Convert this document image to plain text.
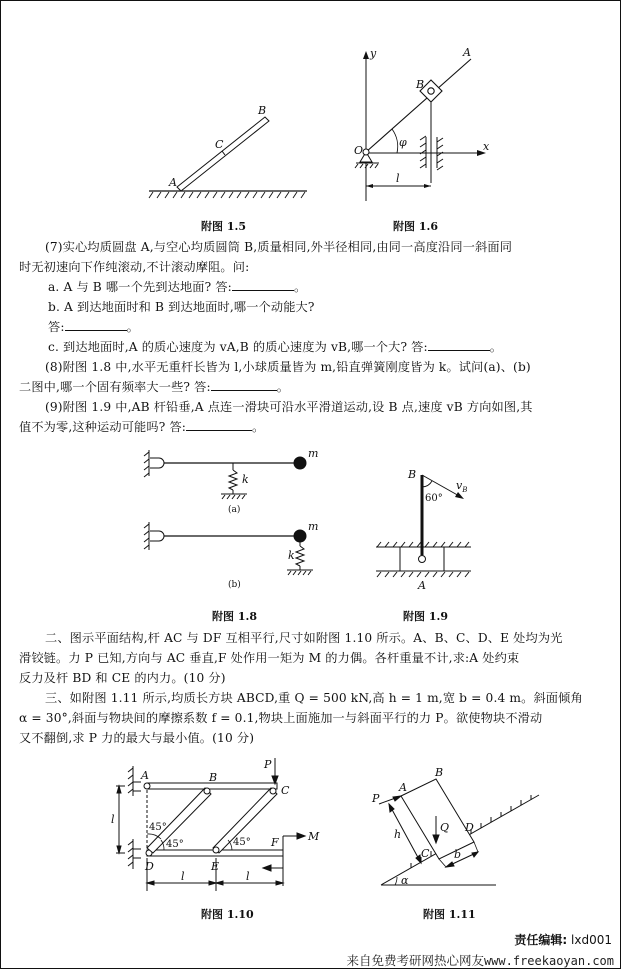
A
B
C
附图 1.5
A
B
O
y
x
φ
l
附图 1.6
(7)实心均质圆盘 A,与空心均质圆筒 B,质量相同,外半径相同,由同一高度沿同一斜面同
时无初速向下作纯滚动,不计滚动摩阻。问:
a. A 与 B 哪一个先到达地面? 答:	。
b. A 到达地面时和 B 到达地面时,哪一个动能大?
答:	。
c. 到达地面时,A 的质心速度为 vA,B 的质心速度为 vB,哪一个大? 答:	。
(8)附图 1.8 中,水平无重杆长皆为 l,小球质量皆为 m,铅直弹簧刚度皆为 k。试问(a)、(b)
二图中,哪一个固有频率大一些? 答:	。
(9)附图 1.9 中,AB 杆铅垂,A 点连一滑块可沿水平滑道运动,设 B 点,速度 vB 方向如图,其
值不为零,这种运动可能吗? 答:	。
m
k
(a)
m
k
(b)
附图 1.8
B
60°
$v_B$
A
附图 1.9
二、图示平面结构,杆 AC 与 DF 互相平行,尺寸如附图 1.10 所示。A、B、C、D、E 处均为光
滑铰链。力 P 已知,方向与 AC 垂直,F 处作用一矩为 M 的力偶。各杆重量不计,求:A 处约束
反力及杆 BD 和 CE 的内力。(10 分)
三、如附图 1.11 所示,均质长方块 ABCD,重 Q = 500 kN,高 h = 1 m,宽 b = 0.4 m。斜面倾角
α = 30°,斜面与物块间的摩擦系数 f = 0.1,物块上面施加一与斜面平行的力 P。欲使物块不滑动
又不翻倒,求 P 力的最大与最小值。(10 分)
A	B
C
D	E
F
P
M
l
l	l
45°
45°	45°
附图 1.10
A
B
C
D
P
Q
h
b
α
附图 1.11
责任编辑: lxd001
来自免费考研网热心网友www.freekaoyan.com
